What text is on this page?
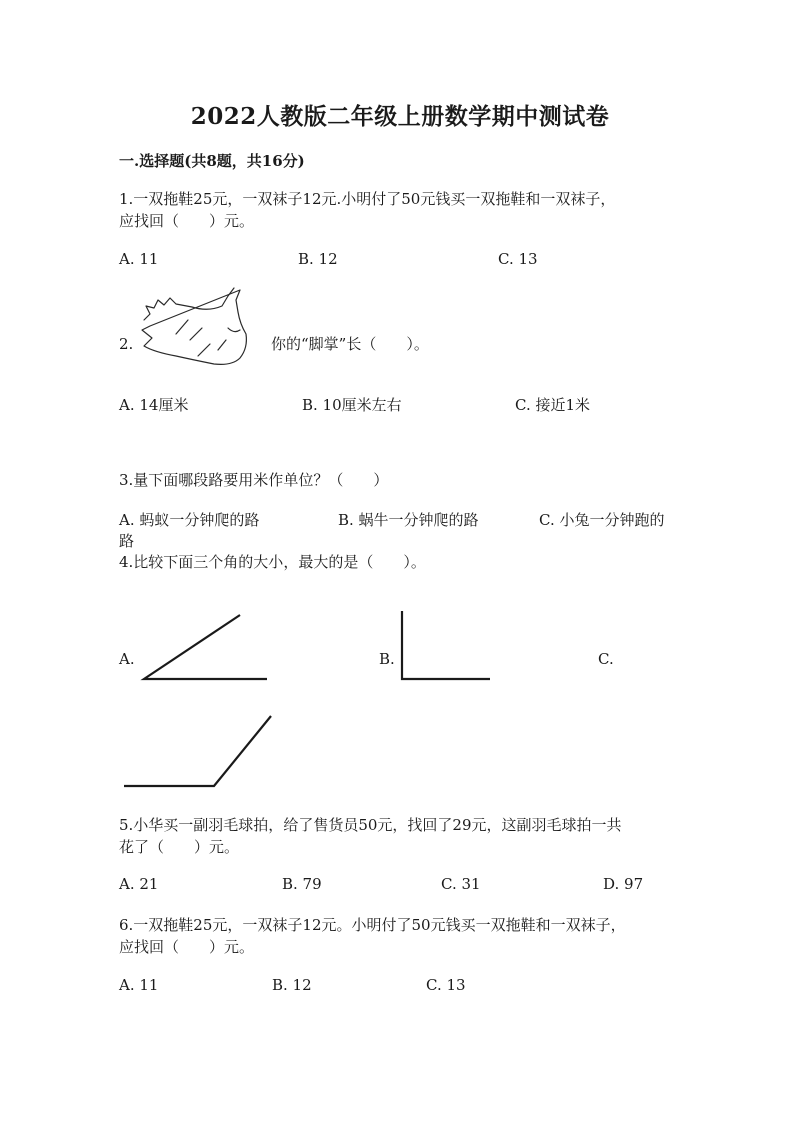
2022人教版二年级上册数学期中测试卷
一.选择题(共8题，共16分)
1.一双拖鞋25元，一双袜子12元.小明付了50元钱买一双拖鞋和一双袜子，
应找回（　　）元。
A. 11	B. 12	C. 13
2.	你的“脚掌”长（　　）。
A. 14厘米	B. 10厘米左右	C. 接近1米
3.量下面哪段路要用米作单位？（　　）
A. 蚂蚁一分钟爬的路	B. 蜗牛一分钟爬的路	C. 小兔一分钟跑的
路
4.比较下面三个角的大小，最大的是（　　）。
A.	B.	C.
5.小华买一副羽毛球拍，给了售货员50元，找回了29元，这副羽毛球拍一共
花了（　　）元。
A. 21	B. 79	C. 31	D. 97
6.一双拖鞋25元，一双袜子12元。小明付了50元钱买一双拖鞋和一双袜子，
应找回（　　）元。
A. 11	B. 12	C. 13
